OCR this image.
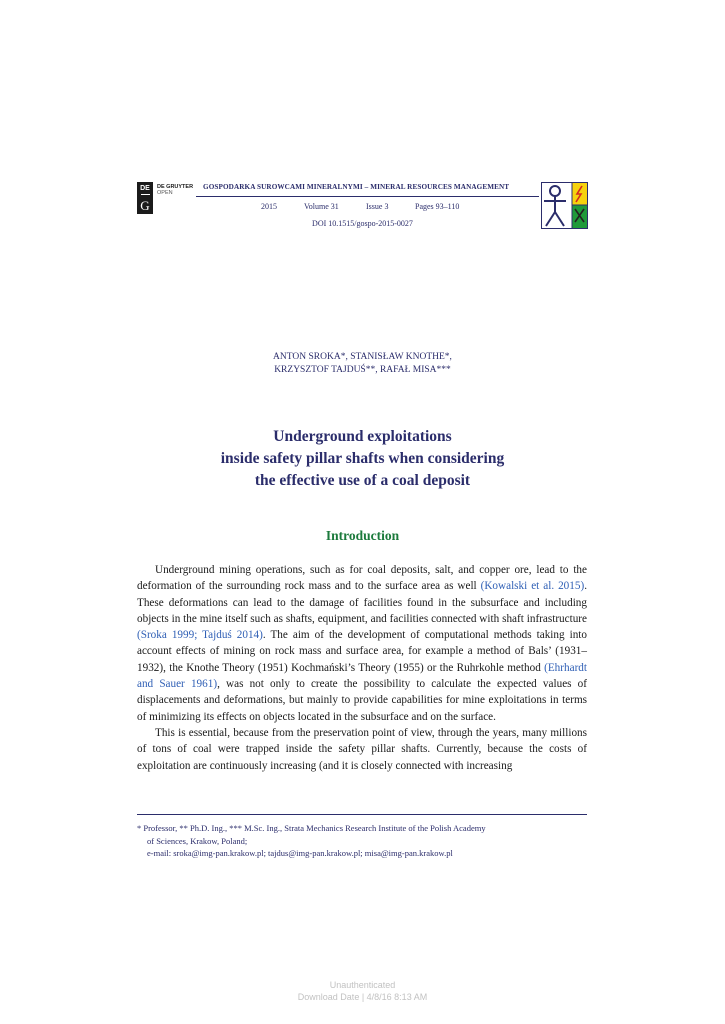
DE
G
DE GRUYTER
OPEN
GOSPODARKA SUROWCAMI MINERALNYMI – MINERAL RESOURCES MANAGEMENT
2015	Volume 31	Issue 3	Pages 93–110
DOI 10.1515/gospo-2015-0027
ANTON SROKA*, STANISŁAW KNOTHE*,
KRZYSZTOF TAJDUŚ**, RAFAŁ MISA***
Underground exploitations
inside safety pillar shafts when considering
the effective use of a coal deposit
Introduction

Underground mining operations, such as for coal deposits, salt, and copper ore, lead to the deformation of the surrounding rock mass and to the surface area as well (Kowalski et al. 2015). These deformations can lead to the damage of facilities found in the subsurface and including objects in the mine itself such as shafts, equipment, and facilities connected with shaft infrastructure (Sroka 1999; Tajduś 2014). The aim of the development of computational methods taking into account effects of mining on rock mass and surface area, for example a method of Bals’ (1931–1932), the Knothe Theory (1951) Kochmański’s Theory (1955) or the Ruhrkohle method (Ehrhardt and Sauer 1961), was not only to create the possibility to calculate the expected values of displacements and deformations, but mainly to provide capabilities for mine exploitations in terms of minimizing its effects on objects located in the subsurface and on the surface.

This is essential, because from the preservation point of view, through the years, many millions of tons of coal were trapped inside the safety pillar shafts. Currently, because the costs of exploitation are continuously increasing (and it is closely connected with increasing

* Professor, ** Ph.D. Ing., *** M.Sc. Ing., Strata Mechanics Research Institute of the Polish Academy
of Sciences, Krakow, Poland;
e-mail: sroka@img-pan.krakow.pl; tajdus@img-pan.krakow.pl; misa@img-pan.krakow.pl
Unauthenticated
Download Date | 4/8/16 8:13 AM
